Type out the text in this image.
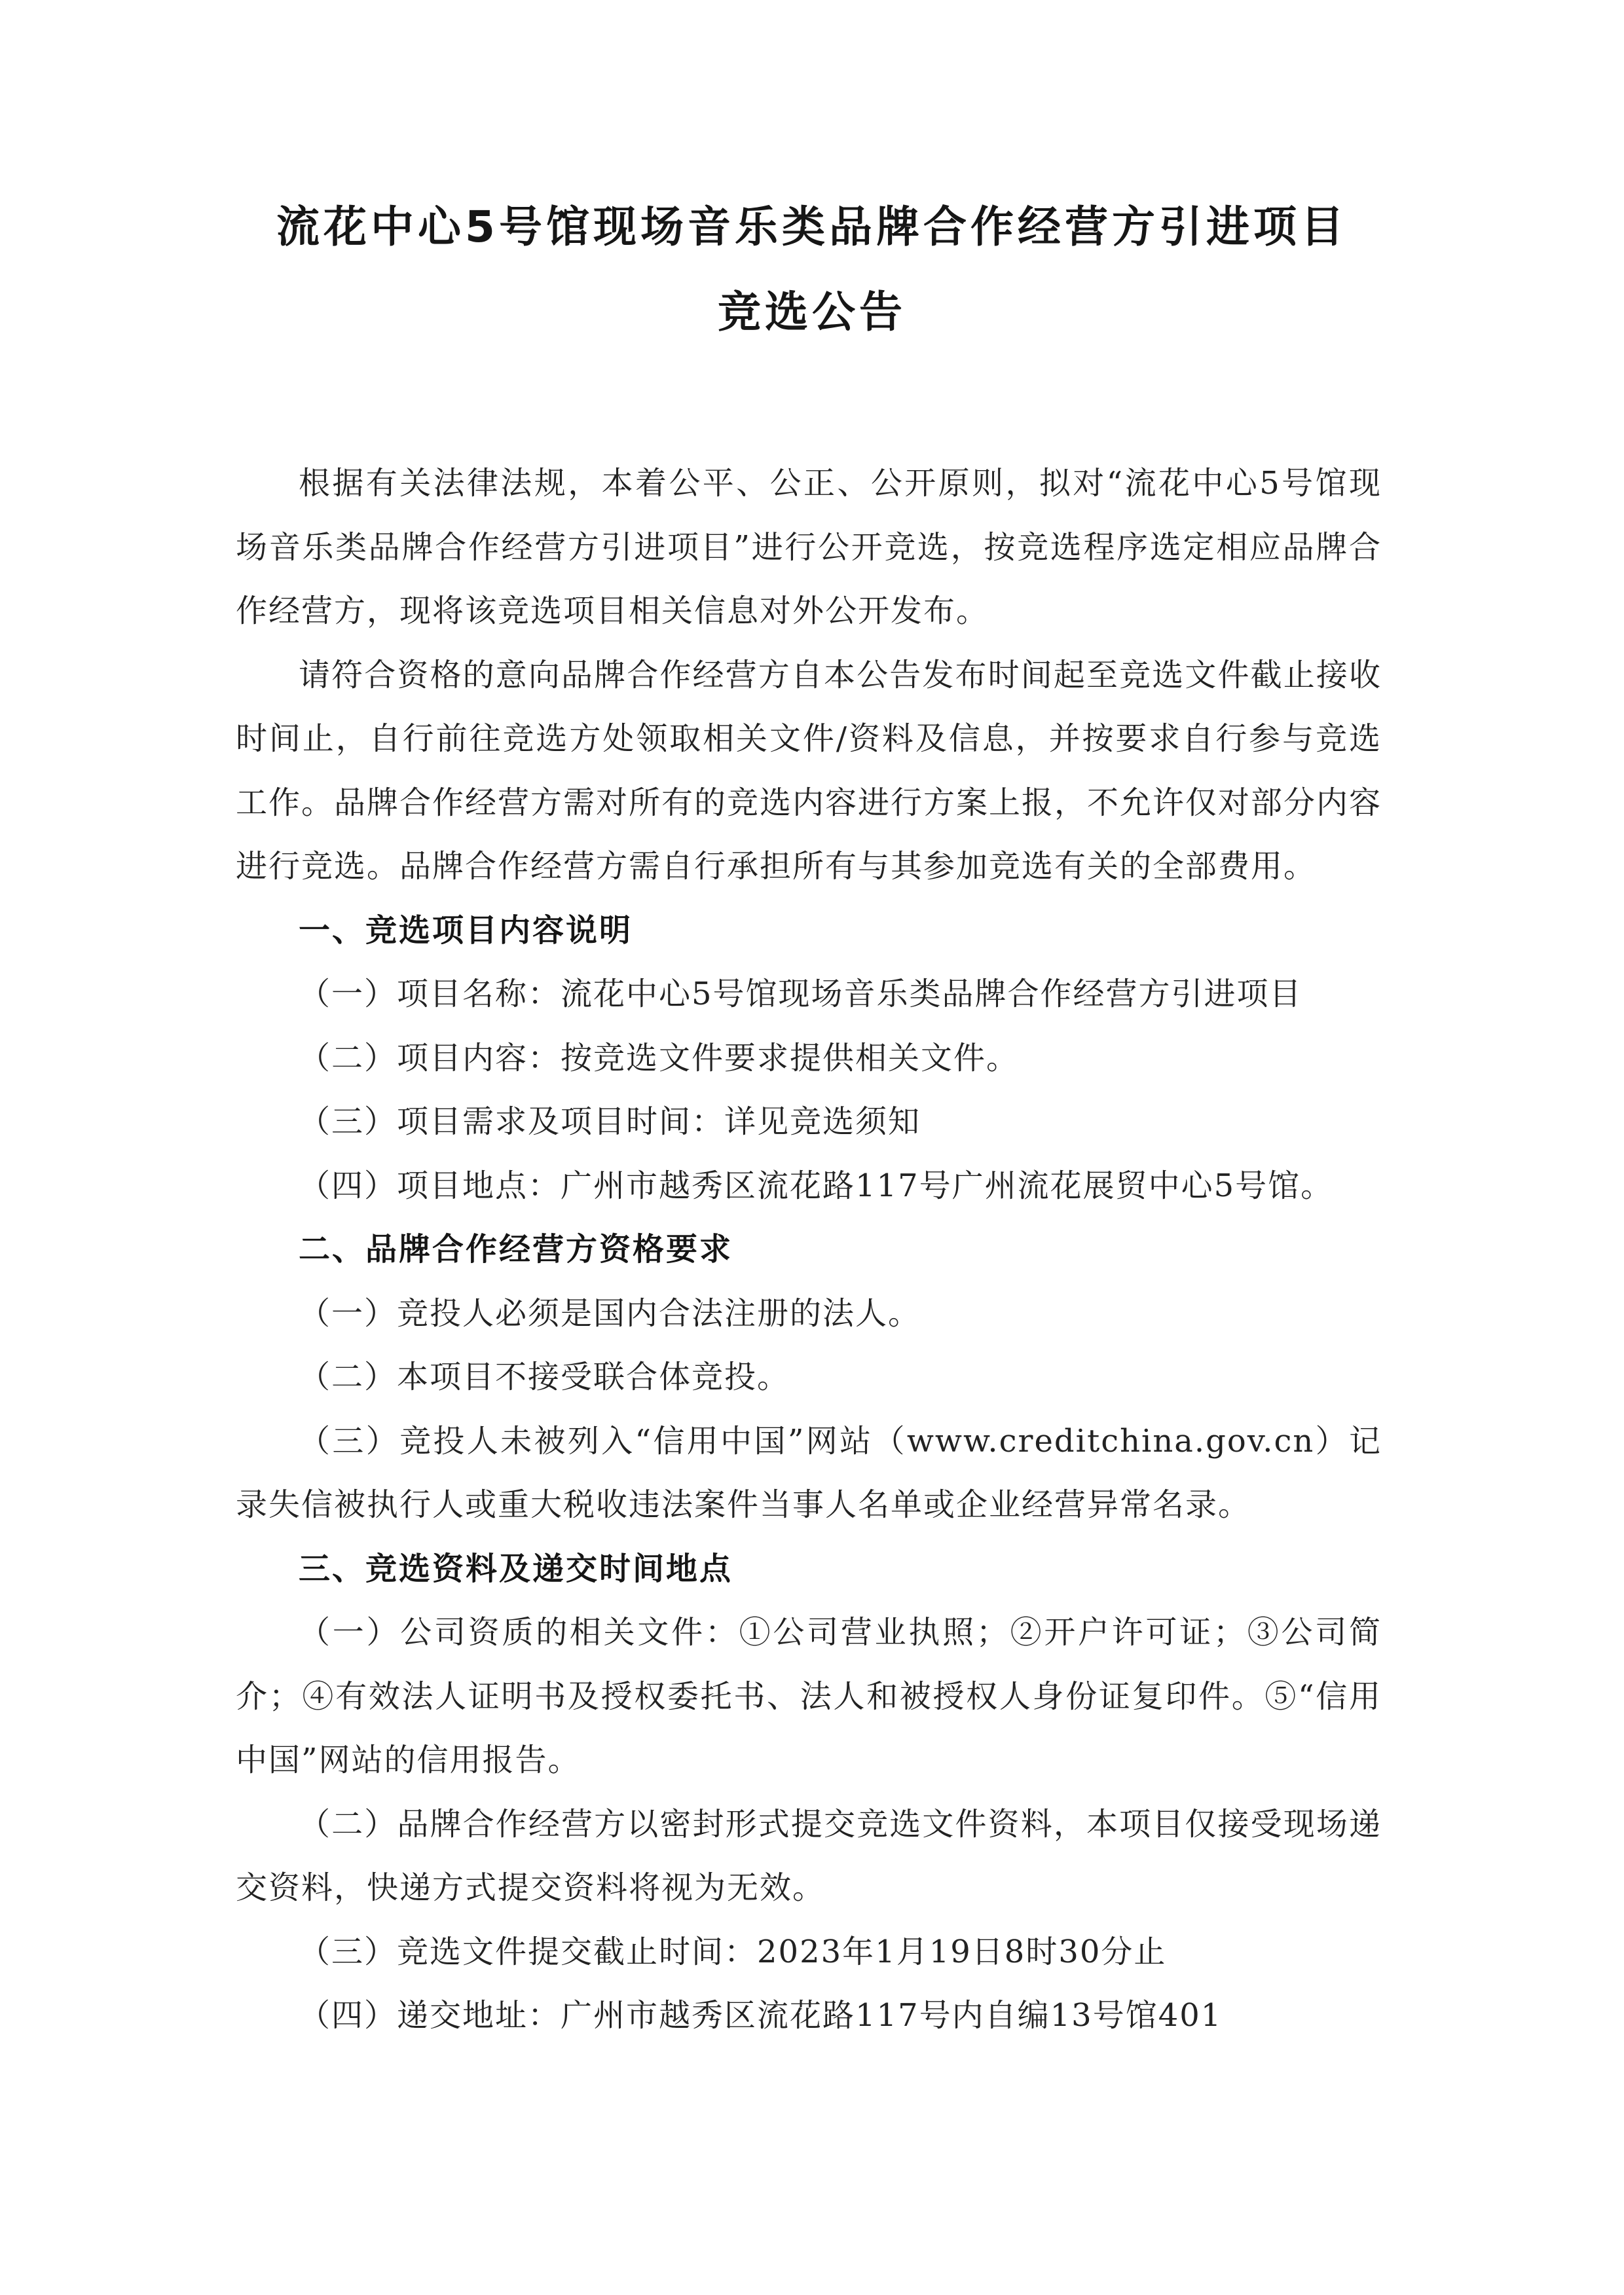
流花中心5号馆现场音乐类品牌合作经营方引进项目
竞选公告

根据有关法律法规，本着公平、公正、公开原则，拟对“流花中心5号馆现场音乐类品牌合作经营方引进项目”进行公开竞选，按竞选程序选定相应品牌合作经营方，现将该竞选项目相关信息对外公开发布。

请符合资格的意向品牌合作经营方自本公告发布时间起至竞选文件截止接收时间止，自行前往竞选方处领取相关文件/资料及信息，并按要求自行参与竞选工作。品牌合作经营方需对所有的竞选内容进行方案上报，不允许仅对部分内容进行竞选。品牌合作经营方需自行承担所有与其参加竞选有关的全部费用。

一、竞选项目内容说明

（一）项目名称：流花中心5号馆现场音乐类品牌合作经营方引进项目

（二）项目内容：按竞选文件要求提供相关文件。

（三）项目需求及项目时间：详见竞选须知

（四）项目地点：广州市越秀区流花路117号广州流花展贸中心5号馆。

二、品牌合作经营方资格要求

（一）竞投人必须是国内合法注册的法人。

（二）本项目不接受联合体竞投。

（三）竞投人未被列入“信用中国”网站（www.creditchina.gov.cn）记录失信被执行人或重大税收违法案件当事人名单或企业经营异常名录。

三、竞选资料及递交时间地点

（一）公司资质的相关文件：①公司营业执照；②开户许可证；③公司简介；④有效法人证明书及授权委托书、法人和被授权人身份证复印件。⑤“信用中国”网站的信用报告。

（二）品牌合作经营方以密封形式提交竞选文件资料，本项目仅接受现场递交资料，快递方式提交资料将视为无效。

（三）竞选文件提交截止时间：2023年1月19日8时30分止

（四）递交地址：广州市越秀区流花路117号内自编13号馆401
